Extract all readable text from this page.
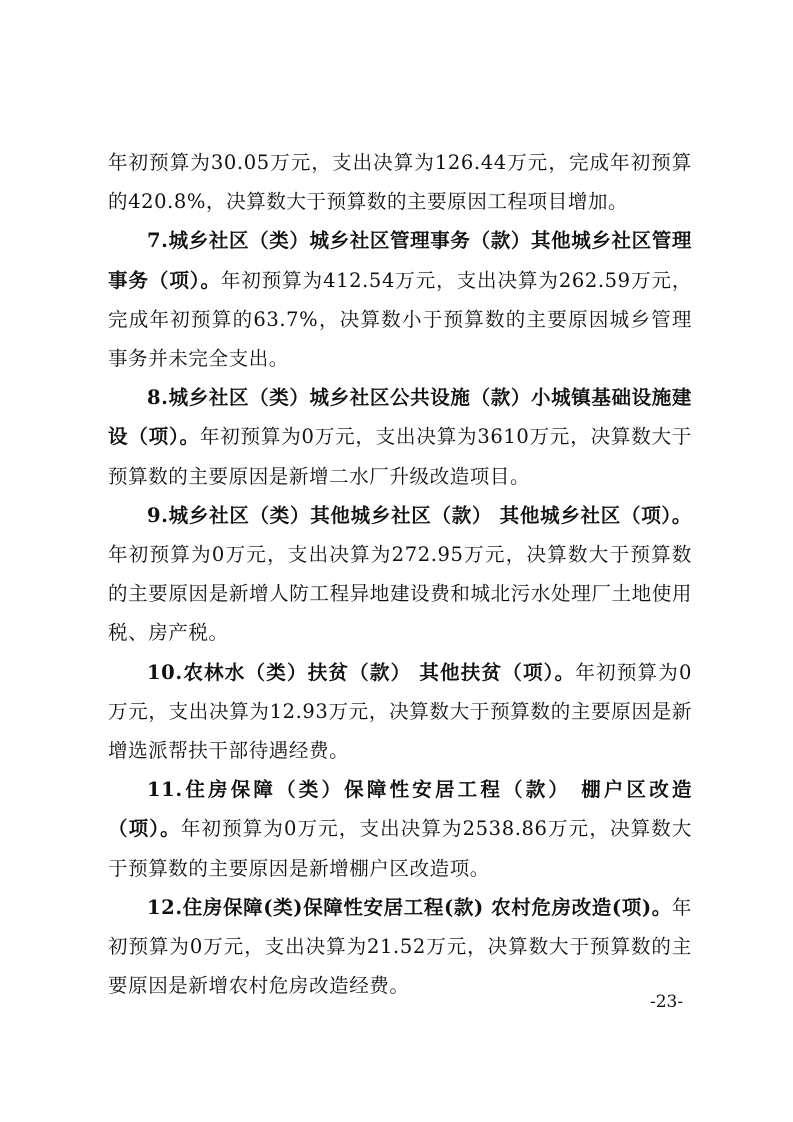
年初预算为30.05万元，支出决算为126.44万元，完成年初预算的420.8%，决算数大于预算数的主要原因工程项目增加。

7.城乡社区（类）城乡社区管理事务（款）其他城乡社区管理事务（项）。年初预算为412.54万元，支出决算为262.59万元，完成年初预算的63.7%，决算数小于预算数的主要原因城乡管理事务并未完全支出。

8.城乡社区（类）城乡社区公共设施（款）小城镇基础设施建设（项）。年初预算为0万元，支出决算为3610万元，决算数大于预算数的主要原因是新增二水厂升级改造项目。

9.城乡社区（类）其他城乡社区（款） 其他城乡社区（项）。年初预算为0万元，支出决算为272.95万元，决算数大于预算数的主要原因是新增人防工程异地建设费和城北污水处理厂土地使用税、房产税。

10.农林水（类）扶贫（款） 其他扶贫（项）。年初预算为0万元，支出决算为12.93万元，决算数大于预算数的主要原因是新增选派帮扶干部待遇经费。

11.住房保障（类）保障性安居工程（款） 棚户区改造（项）。年初预算为0万元，支出决算为2538.86万元，决算数大于预算数的主要原因是新增棚户区改造项。

12.住房保障(类)保障性安居工程(款) 农村危房改造(项)。年初预算为0万元，支出决算为21.52万元，决算数大于预算数的主要原因是新增农村危房改造经费。

-23-
